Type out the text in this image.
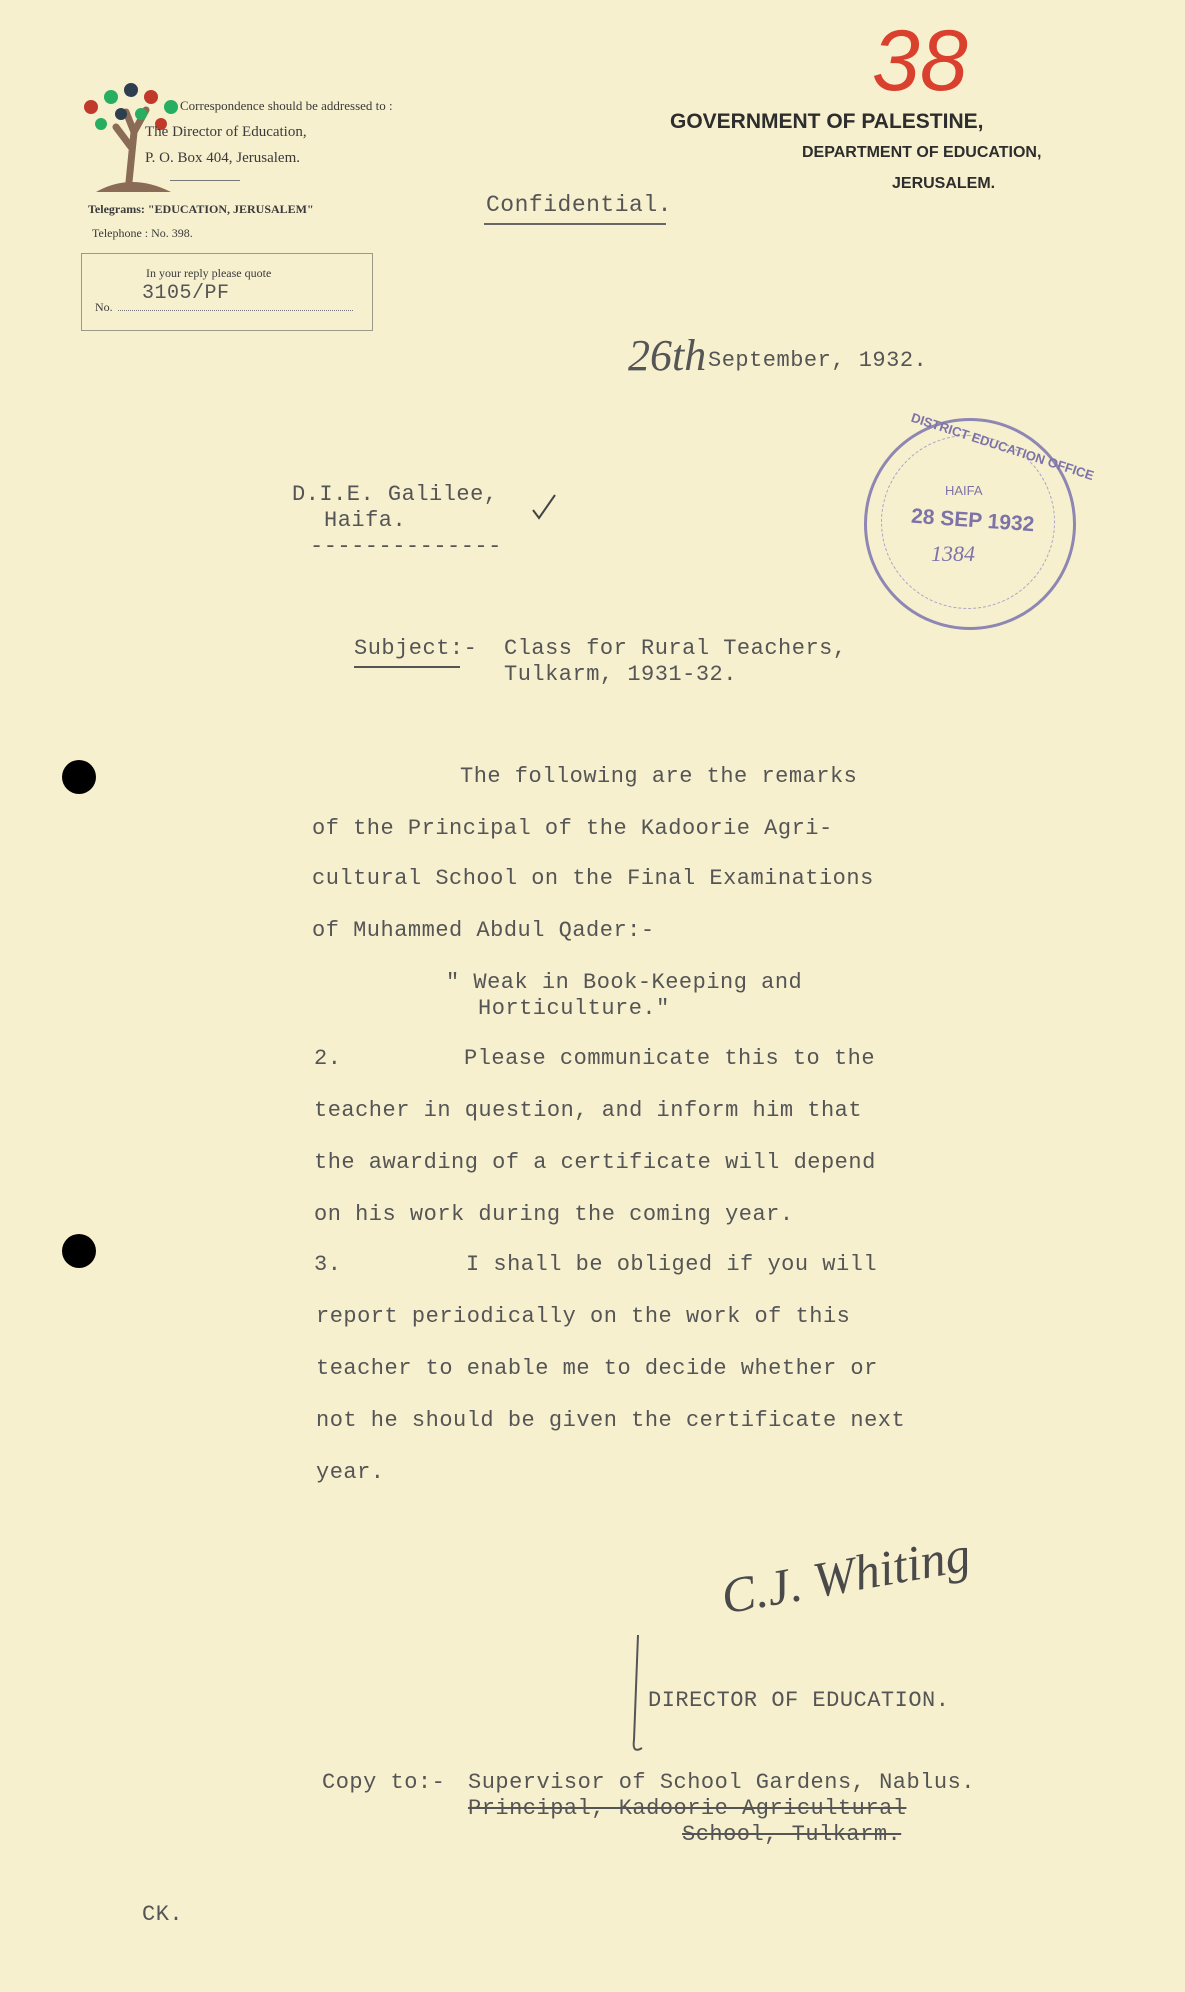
38
Correspondence should be addressed to :
The Director of Education,
P. O. Box 404, Jerusalem.
Telegrams: "EDUCATION, JERUSALEM"
Telephone : No. 398.
In your reply please quote
No.
3105/PF
GOVERNMENT OF PALESTINE,
DEPARTMENT OF EDUCATION,
JERUSALEM.
Confidential.
26th September, 1932.
DISTRICT EDUCATION OFFICE
HAIFA
28 SEP 1932
1384
D.I.E. Galilee,
Haifa.
--------------
Subject:- Class for Rural Teachers,
Tulkarm, 1931-32.
The following are the remarks
of the Principal of the Kadoorie Agri-
cultural School on the Final Examinations
of Muhammed Abdul Qader:-
" Weak in Book-Keeping and
Horticulture."
2.	Please communicate this to the
teacher in question, and inform him that
the awarding of a certificate will depend
on his work during the coming year.
3.	I shall be obliged if you will
report periodically on the work of this
teacher to enable me to decide whether or
not he should be given the certificate next
year.
C.J. Whiting
DIRECTOR OF EDUCATION.
Copy to:- Supervisor of School Gardens, Nablus.
Principal, Kadoorie Agricultural
School, Tulkarm.
CK.
